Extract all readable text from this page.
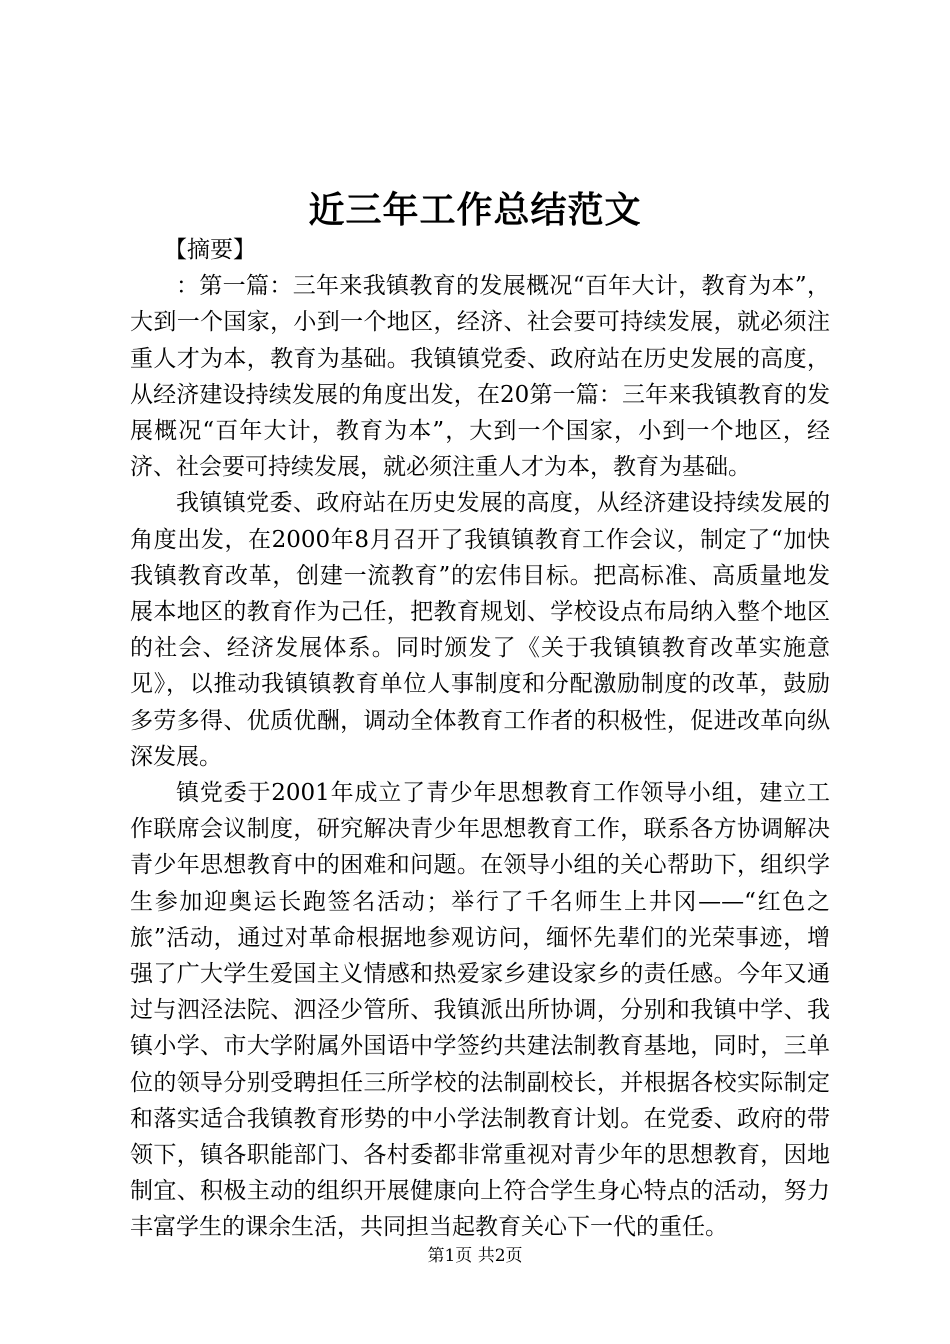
近三年工作总结范文

【摘要】

：第一篇：三年来我镇教育的发展概况“百年大计，教育为本”，大到一个国家，小到一个地区，经济、社会要可持续发展，就必须注重人才为本，教育为基础。我镇镇党委、政府站在历史发展的高度，从经济建设持续发展的角度出发，在20第一篇：三年来我镇教育的发展概况“百年大计，教育为本”，大到一个国家，小到一个地区，经济、社会要可持续发展，就必须注重人才为本，教育为基础。

我镇镇党委、政府站在历史发展的高度，从经济建设持续发展的角度出发，在2000年8月召开了我镇镇教育工作会议，制定了“加快我镇教育改革，创建一流教育”的宏伟目标。把高标准、高质量地发展本地区的教育作为己任，把教育规划、学校设点布局纳入整个地区的社会、经济发展体系。同时颁发了《关于我镇镇教育改革实施意见》，以推动我镇镇教育单位人事制度和分配激励制度的改革，鼓励多劳多得、优质优酬，调动全体教育工作者的积极性，促进改革向纵深发展。

镇党委于2001年成立了青少年思想教育工作领导小组，建立工作联席会议制度，研究解决青少年思想教育工作，联系各方协调解决青少年思想教育中的困难和问题。在领导小组的关心帮助下，组织学生参加迎奥运长跑签名活动；举行了千名师生上井冈——“红色之旅”活动，通过对革命根据地参观访问，缅怀先辈们的光荣事迹，增强了广大学生爱国主义情感和热爱家乡建设家乡的责任感。今年又通过与泗泾法院、泗泾少管所、我镇派出所协调，分别和我镇中学、我镇小学、市大学附属外国语中学签约共建法制教育基地，同时，三单位的领导分别受聘担任三所学校的法制副校长，并根据各校实际制定和落实适合我镇教育形势的中小学法制教育计划。在党委、政府的带领下，镇各职能部门、各村委都非常重视对青少年的思想教育，因地制宜、积极主动的组织开展健康向上符合学生身心特点的活动，努力丰富学生的课余生活，共同担当起教育关心下一代的重任。

第1页 共2页
